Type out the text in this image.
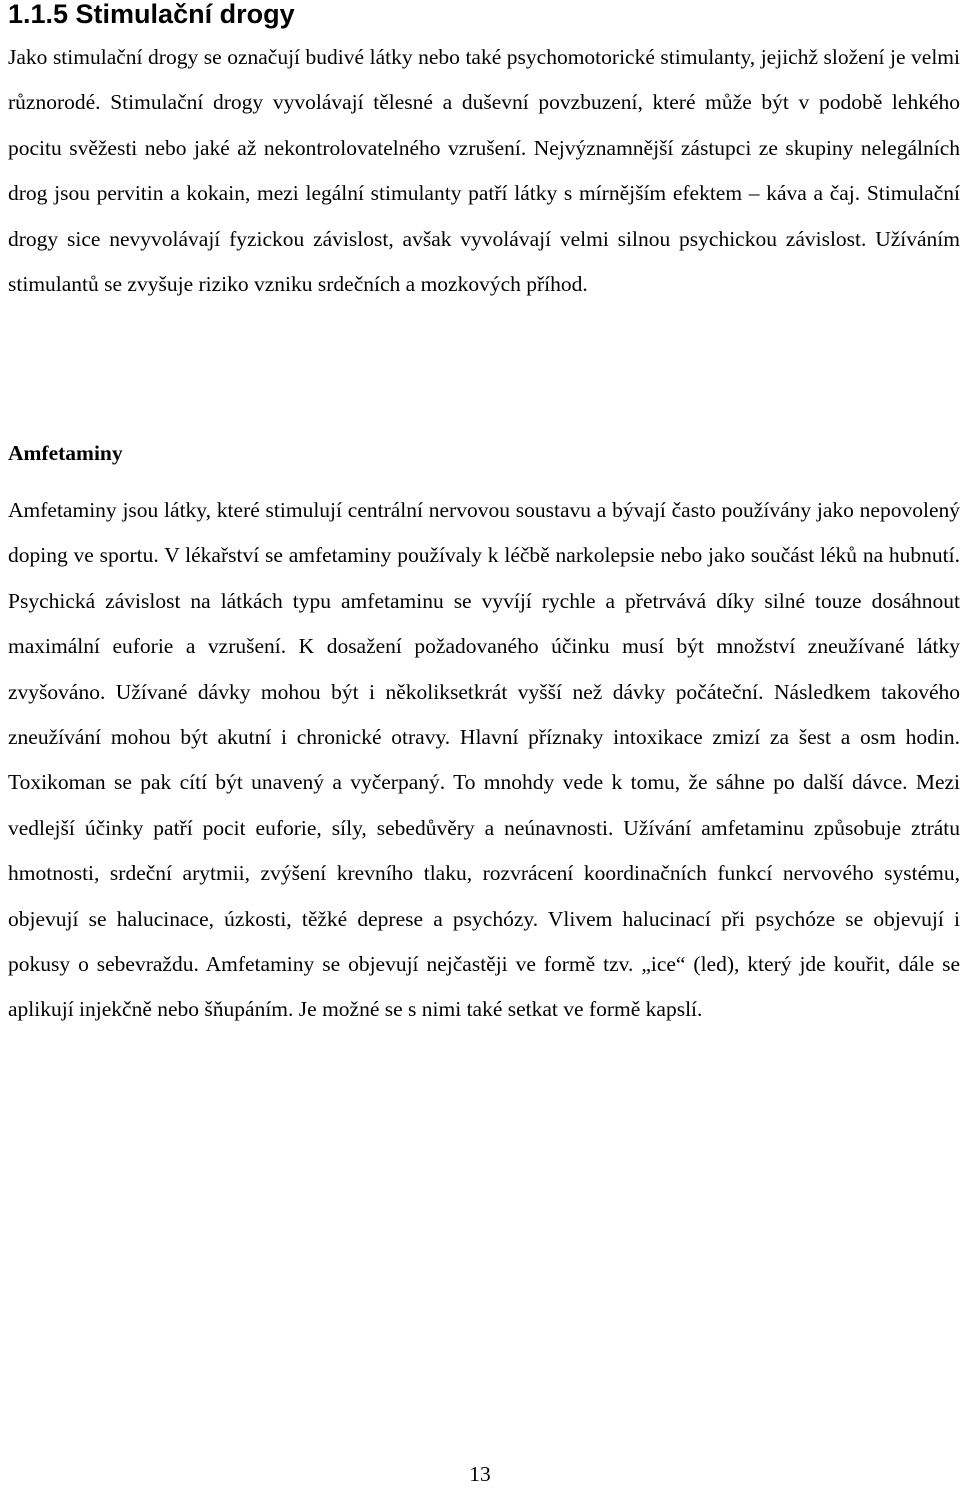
1.1.5 Stimulační drogy

Jako stimulační drogy se označují budivé látky nebo také psychomotorické stimulanty, jejichž složení je velmi různorodé. Stimulační drogy vyvolávají tělesné a duševní povzbuzení, které může být v podobě lehkého pocitu svěžesti nebo jaké až nekontrolovatelného vzrušení. Nejvýznamnější zástupci ze skupiny nelegálních drog jsou pervitin a kokain, mezi legální stimulanty patří látky s mírnějším efektem – káva a čaj. Stimulační drogy sice nevyvolávají fyzickou závislost, avšak vyvolávají velmi silnou psychickou závislost. Užíváním stimulantů se zvyšuje riziko vzniku srdečních a mozkových příhod.

Amfetaminy

Amfetaminy jsou látky, které stimulují centrální nervovou soustavu a bývají často používány jako nepovolený doping ve sportu. V lékařství se amfetaminy používaly k léčbě narkolepsie nebo jako součást léků na hubnutí. Psychická závislost na látkách typu amfetaminu se vyvíjí rychle a přetrvává díky silné touze dosáhnout maximální euforie a vzrušení. K dosažení požadovaného účinku musí být množství zneužívané látky zvyšováno. Užívané dávky mohou být i několiksetkrát vyšší než dávky počáteční. Následkem takového zneužívání mohou být akutní i chronické otravy. Hlavní příznaky intoxikace zmizí za šest a osm hodin. Toxikoman se pak cítí být unavený a vyčerpaný. To mnohdy vede k tomu, že sáhne po další dávce. Mezi vedlejší účinky patří pocit euforie, síly, sebedůvěry a neúnavnosti. Užívání amfetaminu způsobuje ztrátu hmotnosti, srdeční arytmii, zvýšení krevního tlaku, rozvrácení koordinačních funkcí nervového systému, objevují se halucinace, úzkosti, těžké deprese a psychózy. Vlivem halucinací při psychóze se objevují i pokusy o sebevraždu. Amfetaminy se objevují nejčastěji ve formě tzv. „ice“ (led), který jde kouřit, dále se aplikují injekčně nebo šňupáním. Je možné se s nimi také setkat ve formě kapslí.

13
